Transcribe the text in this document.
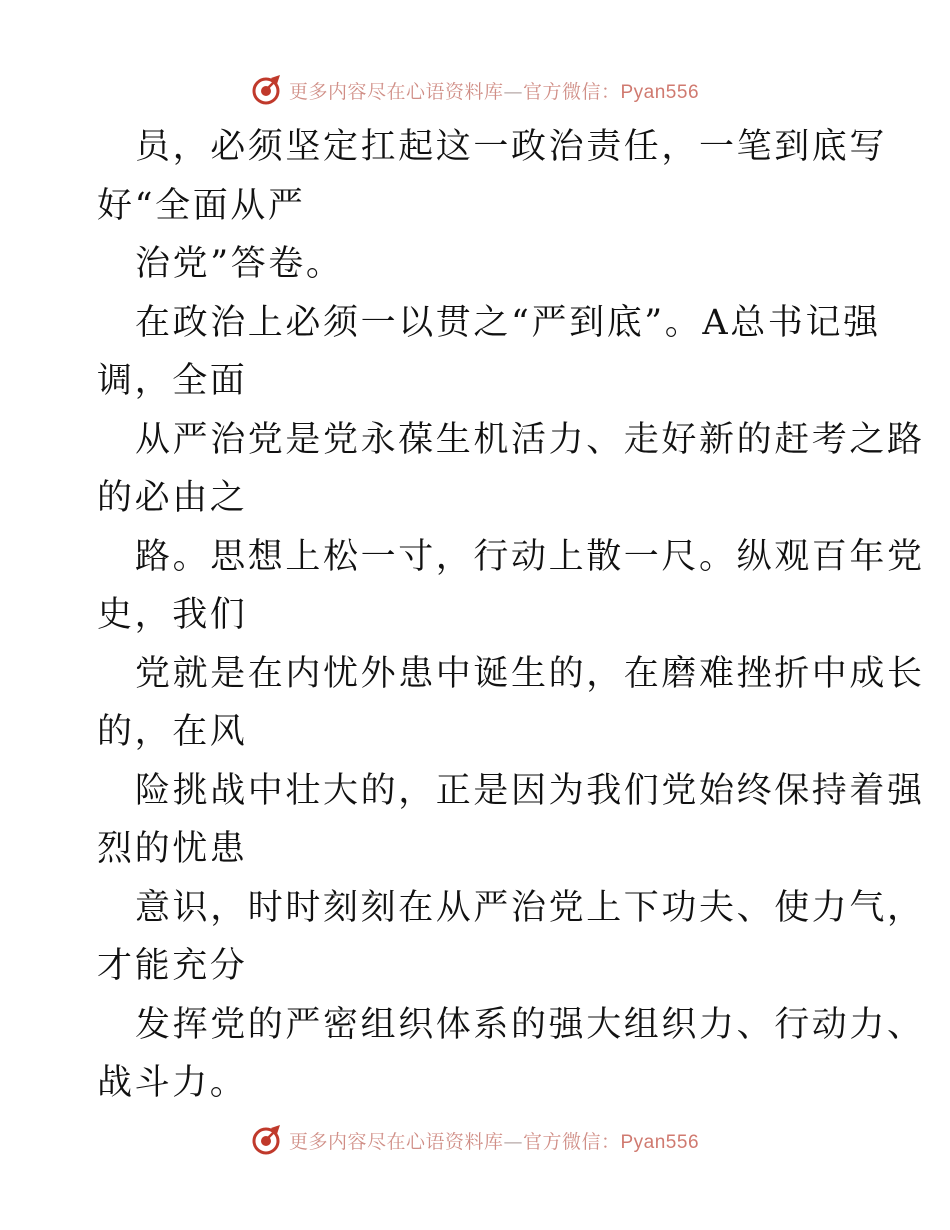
更多内容尽在心语资料库—官方微信：Pyan556
员，必须坚定扛起这一政治责任，一笔到底写
好“全面从严
治党”答卷。
在政治上必须一以贯之“严到底”。A总书记强
调，全面
从严治党是党永葆生机活力、走好新的赶考之路
的必由之
路。思想上松一寸，行动上散一尺。纵观百年党
史，我们
党就是在内忧外患中诞生的，在磨难挫折中成长
的，在风
险挑战中壮大的，正是因为我们党始终保持着强
烈的忧患
意识，时时刻刻在从严治党上下功夫、使力气，
才能充分
发挥党的严密组织体系的强大组织力、行动力、
战斗力。
更多内容尽在心语资料库—官方微信：Pyan556
